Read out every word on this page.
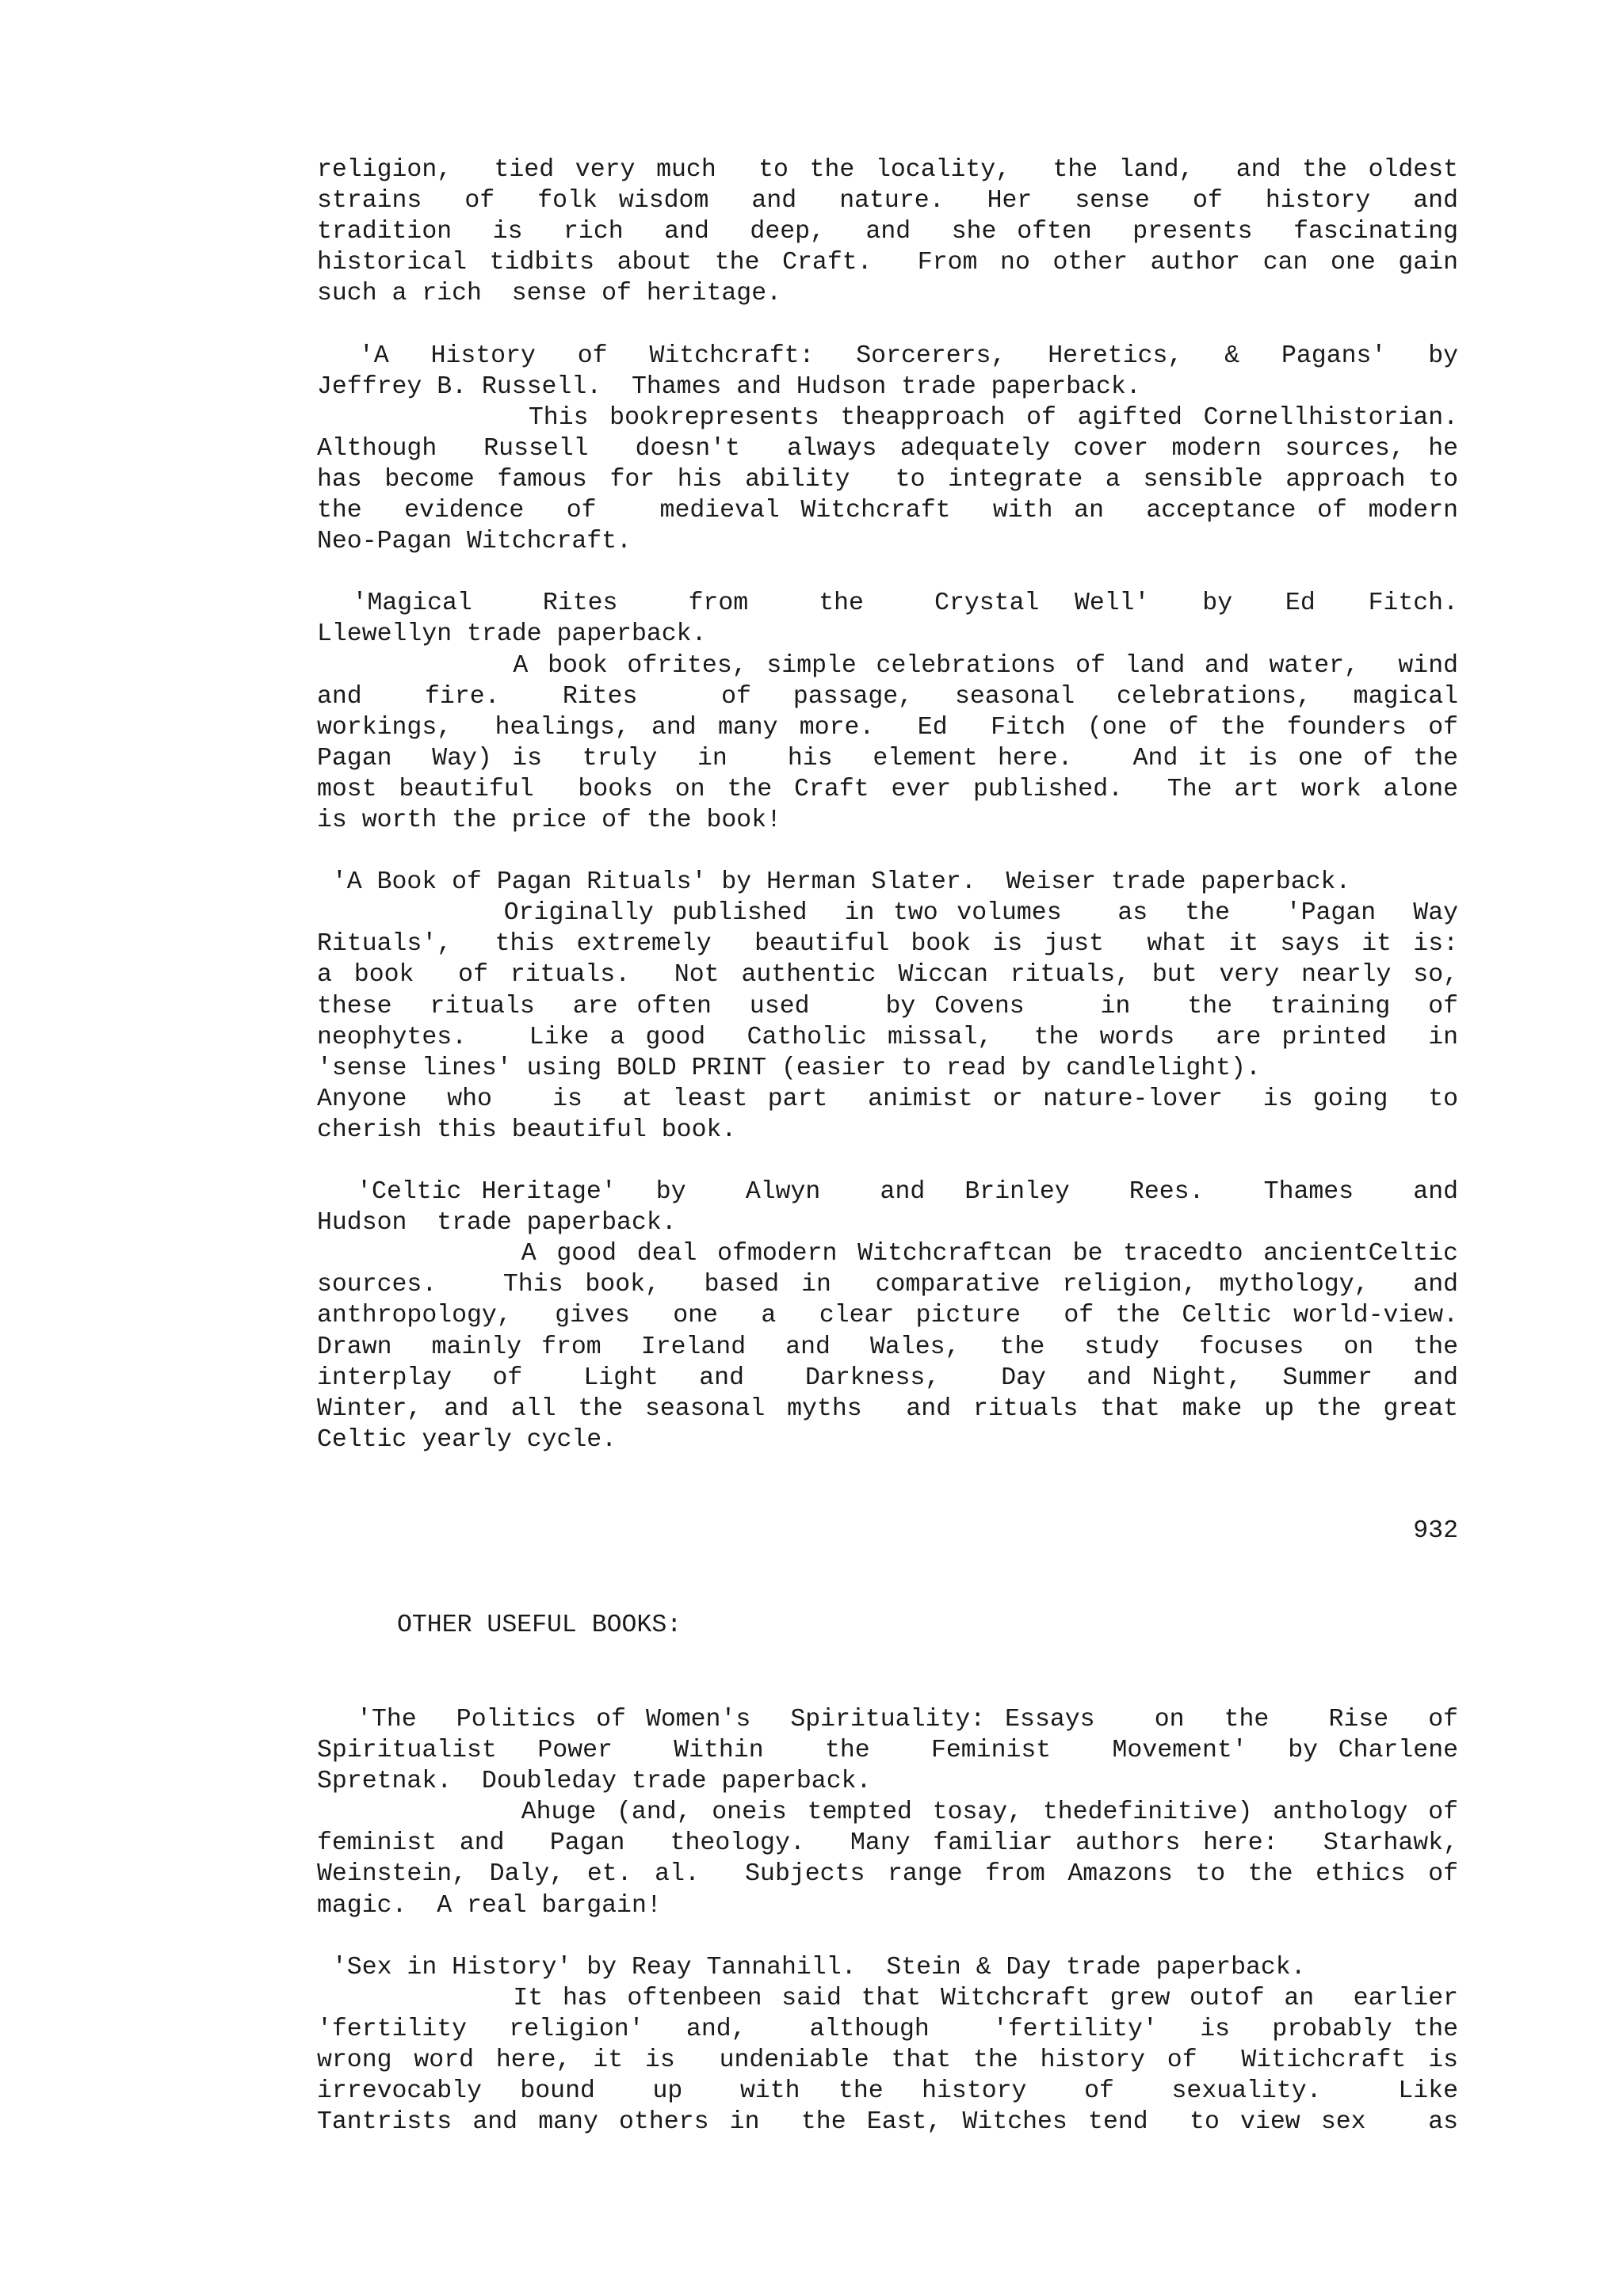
religion,  tied very much  to the locality,  the land,  and the oldest
strains  of  folk wisdom  and  nature.  Her  sense  of  history  and
tradition  is  rich  and  deep,  and  she often  presents  fascinating
historical tidbits about the Craft.  From no other author can one gain
such a rich  sense of heritage.

'A  History  of  Witchcraft:  Sorcerers,  Heretics,  &  Pagans'  by
Jeffrey B. Russell.  Thames and Hudson trade paperback.
This bookrepresents theapproach of agifted Cornellhistorian.
Although  Russell  doesn't  always adequately cover modern sources, he
has become famous for his ability  to integrate a sensible approach to
the  evidence  of   medieval Witchcraft  with an  acceptance of modern
Neo-Pagan Witchcraft.

'Magical    Rites    from    the    Crystal  Well'   by   Ed   Fitch.
Llewellyn trade paperback.
A book ofrites, simple celebrations of land and water,  wind
and   fire.   Rites    of  passage,  seasonal  celebrations,  magical
workings,  healings, and many more.  Ed  Fitch (one of the founders of
Pagan  Way) is  truly  in   his  element here.   And it is one of the
most beautiful  books on the Craft ever published.  The art work alone
is worth the price of the book!

'A Book of Pagan Rituals' by Herman Slater.  Weiser trade paperback.
Originally published  in two volumes   as  the   'Pagan  Way
Rituals',  this extremely  beautiful book is just  what it says it is:
a book  of rituals.  Not authentic Wiccan rituals, but very nearly so,
these  rituals  are often  used    by Covens    in   the  training  of
neophytes.   Like a good  Catholic missal,  the words  are printed  in
'sense lines' using BOLD PRINT (easier to read by candlelight).
Anyone  who   is  at least part  animist or nature-lover  is going  to
cherish this beautiful book.

'Celtic Heritage'  by   Alwyn   and  Brinley   Rees.   Thames   and
Hudson  trade paperback.
A good deal ofmodern Witchcraftcan be tracedto ancientCeltic
sources.   This book,  based in  comparative religion, mythology,  and
anthropology,  gives  one  a  clear picture  of the Celtic world-view.
Drawn  mainly from  Ireland  and  Wales,  the  study  focuses  on  the
interplay  of   Light  and   Darkness,   Day  and Night,  Summer  and
Winter, and all the seasonal myths  and rituals that make up the great
Celtic yearly cycle.
932
OTHER USEFUL BOOKS:
'The  Politics of Women's  Spirituality: Essays   on  the   Rise  of
Spiritualist  Power   Within   the   Feminist   Movement'  by Charlene
Spretnak.  Doubleday trade paperback.
Ahuge (and, oneis tempted tosay, thedefinitive) anthology of
feminist and  Pagan  theology.  Many familiar authors here:  Starhawk,
Weinstein, Daly, et. al.  Subjects range from Amazons to the ethics of
magic.  A real bargain!

'Sex in History' by Reay Tannahill.  Stein & Day trade paperback.
It has oftenbeen said that Witchcraft grew outof an  earlier
'fertility  religion'  and,   although   'fertility'  is  probably the
wrong word here, it is  undeniable that the history of  Witichcraft is
irrevocably  bound   up   with  the  history   of   sexuality.    Like
Tantrists and many others in  the East, Witches tend  to view sex   as
